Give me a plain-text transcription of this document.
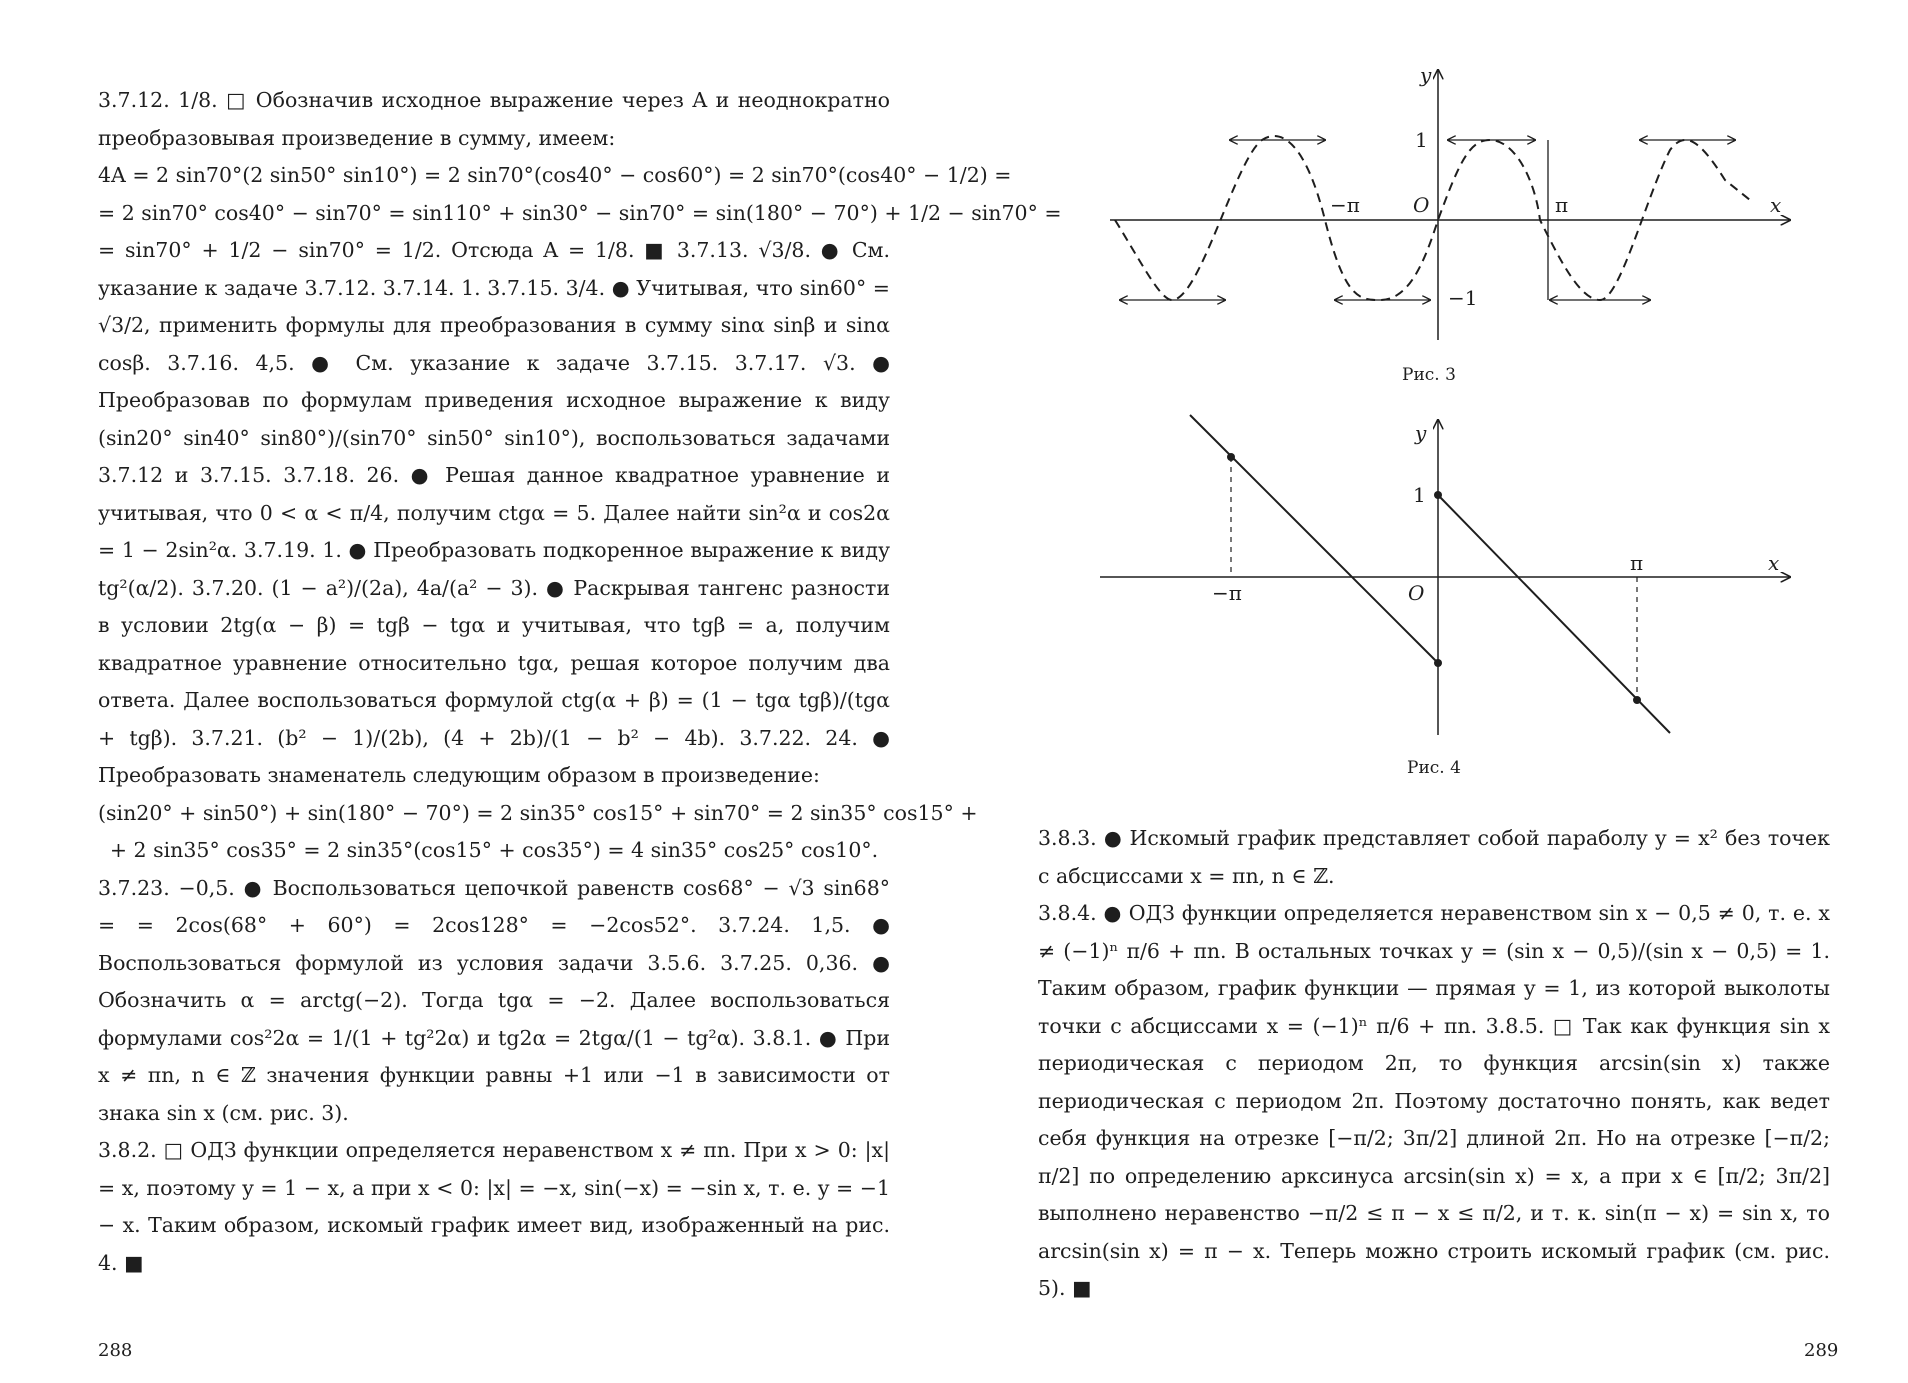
3.7.12. 1/8. □ Обозначив исходное выражение через A и неоднократно преобразовывая произведение в сумму, имеем:

4A = 2 sin70°(2 sin50° sin10°) = 2 sin70°(cos40° − cos60°) = 2 sin70°(cos40° − 1/2) =

= 2 sin70° cos40° − sin70° = sin110° + sin30° − sin70° = sin(180° − 70°) + 1/2 − sin70° =

= sin70° + 1/2 − sin70° = 1/2. Отсюда A = 1/8. ■ 3.7.13. √3/8. ● См. указание к задаче 3.7.12. 3.7.14. 1. 3.7.15. 3/4. ● Учитывая, что sin60° = √3/2, применить формулы для преобразования в сумму sinα sinβ и sinα cosβ. 3.7.16. 4,5. ● См. указание к задаче 3.7.15. 3.7.17. √3. ● Преобразовав по формулам приведения исходное выражение к виду (sin20° sin40° sin80°)/(sin70° sin50° sin10°), воспользоваться задачами 3.7.12 и 3.7.15. 3.7.18. 26. ● Решая данное квадратное уравнение и учитывая, что 0 < α < π/4, получим ctgα = 5. Далее найти sin²α и cos2α = 1 − 2sin²α. 3.7.19. 1. ● Преобразовать подкоренное выражение к виду tg²(α/2). 3.7.20. (1 − a²)/(2a), 4a/(a² − 3). ● Раскрывая тангенс разности в условии 2tg(α − β) = tgβ − tgα и учитывая, что tgβ = a, получим квадратное уравнение относительно tgα, решая которое получим два ответа. Далее воспользоваться формулой ctg(α + β) = (1 − tgα tgβ)/(tgα + tgβ). 3.7.21. (b² − 1)/(2b), (4 + 2b)/(1 − b² − 4b). 3.7.22. 24. ● Преобразовать знаменатель следующим образом в произведение:

(sin20° + sin50°) + sin(180° − 70°) = 2 sin35° cos15° + sin70° = 2 sin35° cos15° +

+ 2 sin35° cos35° = 2 sin35°(cos15° + cos35°) = 4 sin35° cos25° cos10°.

3.7.23. −0,5. ● Воспользоваться цепочкой равенств cos68° − √3 sin68° = = 2cos(68° + 60°) = 2cos128° = −2cos52°. 3.7.24. 1,5. ● Воспользоваться формулой из условия задачи 3.5.6. 3.7.25. 0,36. ● Обозначить α = arctg(−2). Тогда tgα = −2. Далее воспользоваться формулами cos²2α = 1/(1 + tg²2α) и tg2α = 2tgα/(1 − tg²α). 3.8.1. ● При x ≠ πn, n ∈ ℤ значения функции равны +1 или −1 в зависимости от знака sin x (см. рис. 3).

3.8.2. □ ОДЗ функции определяется неравенством x ≠ πn. При x > 0: |x| = x, поэтому y = 1 − x, а при x < 0: |x| = −x, sin(−x) = −sin x, т. е. y = −1 − x. Таким образом, искомый график имеет вид, изображенный на рис. 4. ■

288
y
x
1
−1
O
−π	π
Рис. 3
y
x
1
O
−π
π
Рис. 4

3.8.3. ● Искомый график представляет собой параболу y = x² без точек с абсциссами x = πn, n ∈ ℤ.

3.8.4. ● ОДЗ функции определяется неравенством sin x − 0,5 ≠ 0, т. е. x ≠ (−1)ⁿ π/6 + πn. В остальных точках y = (sin x − 0,5)/(sin x − 0,5) = 1. Таким образом, график функции — прямая y = 1, из которой выколоты точки с абсциссами x = (−1)ⁿ π/6 + πn. 3.8.5. □ Так как функция sin x периодическая с периодом 2π, то функция arcsin(sin x) также периодическая с периодом 2π. Поэтому достаточно понять, как ведет себя функция на отрезке [−π/2; 3π/2] длиной 2π. Но на отрезке [−π/2; π/2] по определению арксинуса arcsin(sin x) = x, а при x ∈ [π/2; 3π/2] выполнено неравенство −π/2 ≤ π − x ≤ π/2, и т. к. sin(π − x) = sin x, то arcsin(sin x) = π − x. Теперь можно строить искомый график (см. рис. 5). ■

289
